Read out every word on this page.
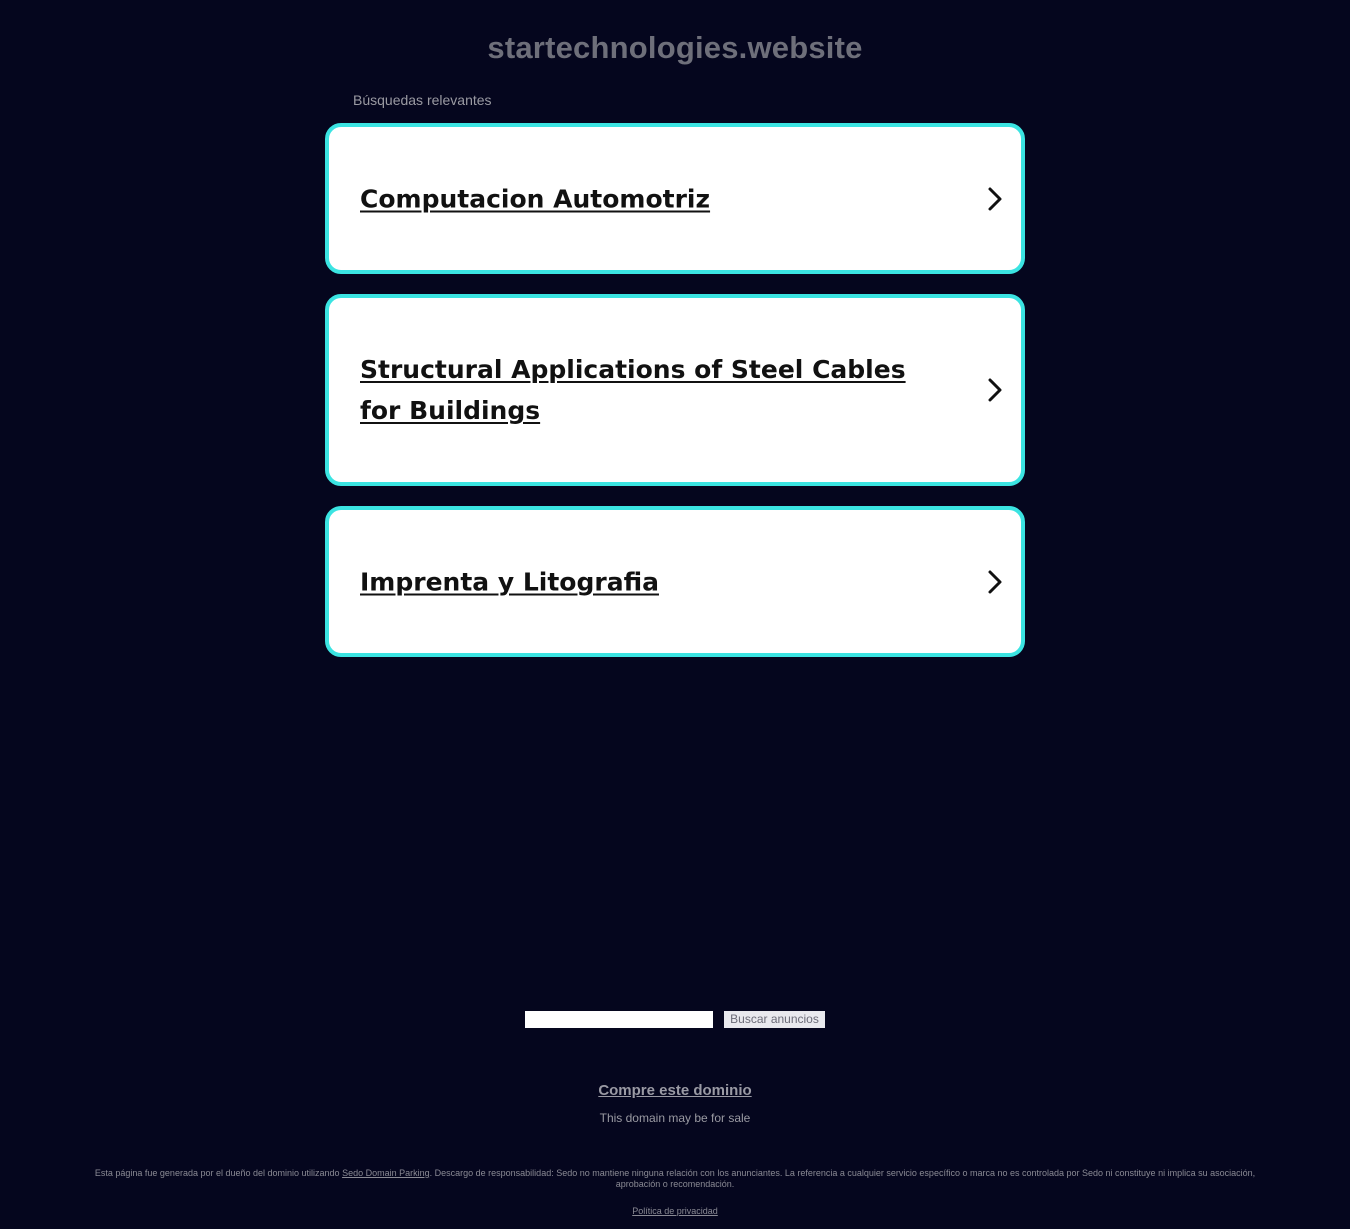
startechnologies.website
Búsquedas relevantes
Computacion Automotriz
Structural Applications of Steel Cables for Buildings
Imprenta y Litografia
Buscar anuncios
Compre este dominio
This domain may be for sale
Esta página fue generada por el dueño del dominio utilizando Sedo Domain Parking. Descargo de responsabilidad: Sedo no mantiene ninguna relación con los anunciantes. La referencia a cualquier servicio específico o marca no es controlada por Sedo ni constituye ni implica su asociación, aprobación o recomendación.
Política de privacidad
